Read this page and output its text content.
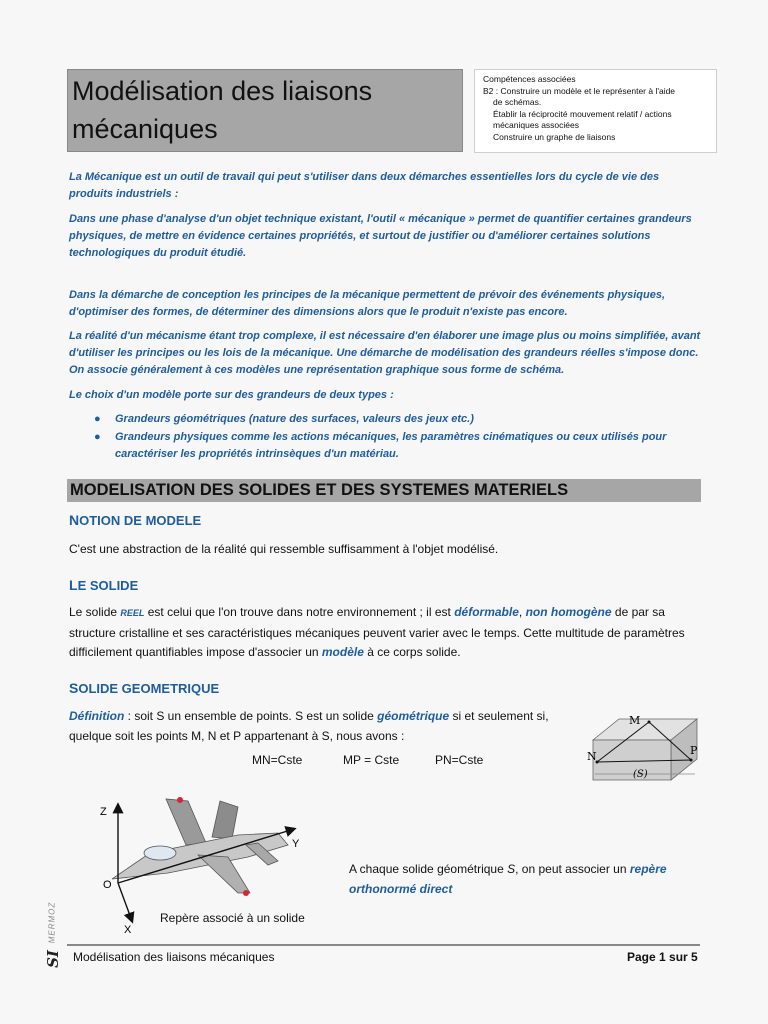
Modélisation des liaisons
mécaniques
Compétences associées
B2 : Construire un modèle et le représenter à l'aide
de schémas.
Établir la réciprocité mouvement relatif / actions
mécaniques associées
Construire un graphe de liaisons
La Mécanique est un outil de travail qui peut s'utiliser dans deux démarches essentielles lors du cycle de vie des produits industriels :
Dans une phase d'analyse d'un objet technique existant, l'outil « mécanique » permet de quantifier certaines grandeurs physiques, de mettre en évidence certaines propriétés, et surtout de justifier ou d'améliorer certaines solutions technologiques du produit étudié.
Dans la démarche de conception les principes de la mécanique permettent de prévoir des événements physiques, d'optimiser des formes, de déterminer des dimensions alors que le produit n'existe pas encore.
La réalité d'un mécanisme étant trop complexe, il est nécessaire d'en élaborer une image plus ou moins simplifiée, avant d'utiliser les principes ou les lois de la mécanique. Une démarche de modélisation des grandeurs réelles s'impose donc. On associe généralement à ces modèles une représentation graphique sous forme de schéma.
Le choix d'un modèle porte sur des grandeurs de deux types :
● Grandeurs géométriques (nature des surfaces, valeurs des jeux etc.)
● Grandeurs physiques comme les actions mécaniques, les paramètres cinématiques ou ceux utilisés pour caractériser les propriétés intrinsèques d'un matériau.
MODELISATION DES SOLIDES ET DES SYSTEMES MATERIELS
NOTION DE MODELE
C'est une abstraction de la réalité qui ressemble suffisamment à l'objet modélisé.
LE SOLIDE
Le solide REEL est celui que l'on trouve dans notre environnement ; il est déformable, non homogène de par sa structure cristalline et ses caractéristiques mécaniques peuvent varier avec le temps. Cette multitude de paramètres difficilement quantifiables impose d'associer un modèle à ce corps solide.
SOLIDE GEOMETRIQUE
Définition : soit S un ensemble de points. S est un solide géométrique si et seulement si, quelque soit les points M, N et P appartenant à S, nous avons :
MN=Cste	MP = Cste	PN=Cste
M
N	P
(S)
Z
Y
X
O
Repère associé à un solide
A chaque solide géométrique S, on peut associer un repère
orthonormé direct
MERMOZ
SI Modélisation des liaisons mécaniques	Page 1 sur 5
